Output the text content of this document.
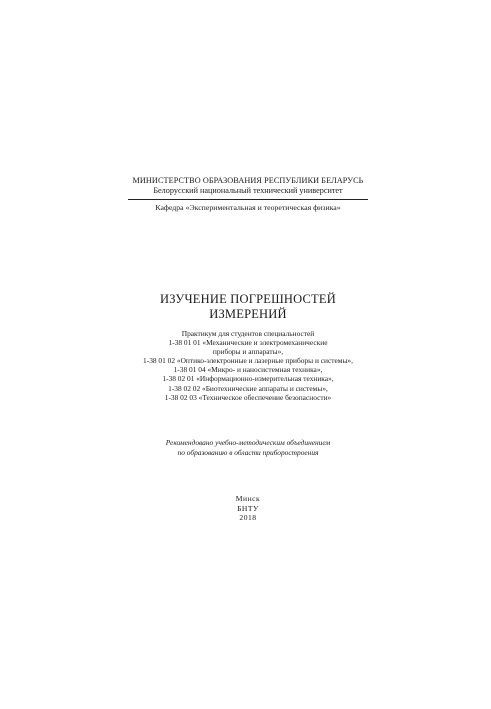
МИНИСТЕРСТВО ОБРАЗОВАНИЯ РЕСПУБЛИКИ БЕЛАРУСЬ
Белорусский национальный технический университет
Кафедра «Экспериментальная и теоретическая физика»
ИЗУЧЕНИЕ ПОГРЕШНОСТЕЙ
ИЗМЕРЕНИЙ
Практикум для студентов специальностей
1-38 01 01 «Механические и электромеханические
приборы и аппараты»,
1-38 01 02 «Оптико-электронные и лазерные приборы и системы»,
1-38 01 04 «Микро- и наносистемная техника»,
1-38 02 01 «Информационно-измерительная техника»,
1-38 02 02 «Биотехнические аппараты и системы»,
1-38 02 03 «Техническое обеспечение безопасности»
Рекомендовано учебно-методическим объединением
по образованию в области приборостроения
Минск
БНТУ
2018
